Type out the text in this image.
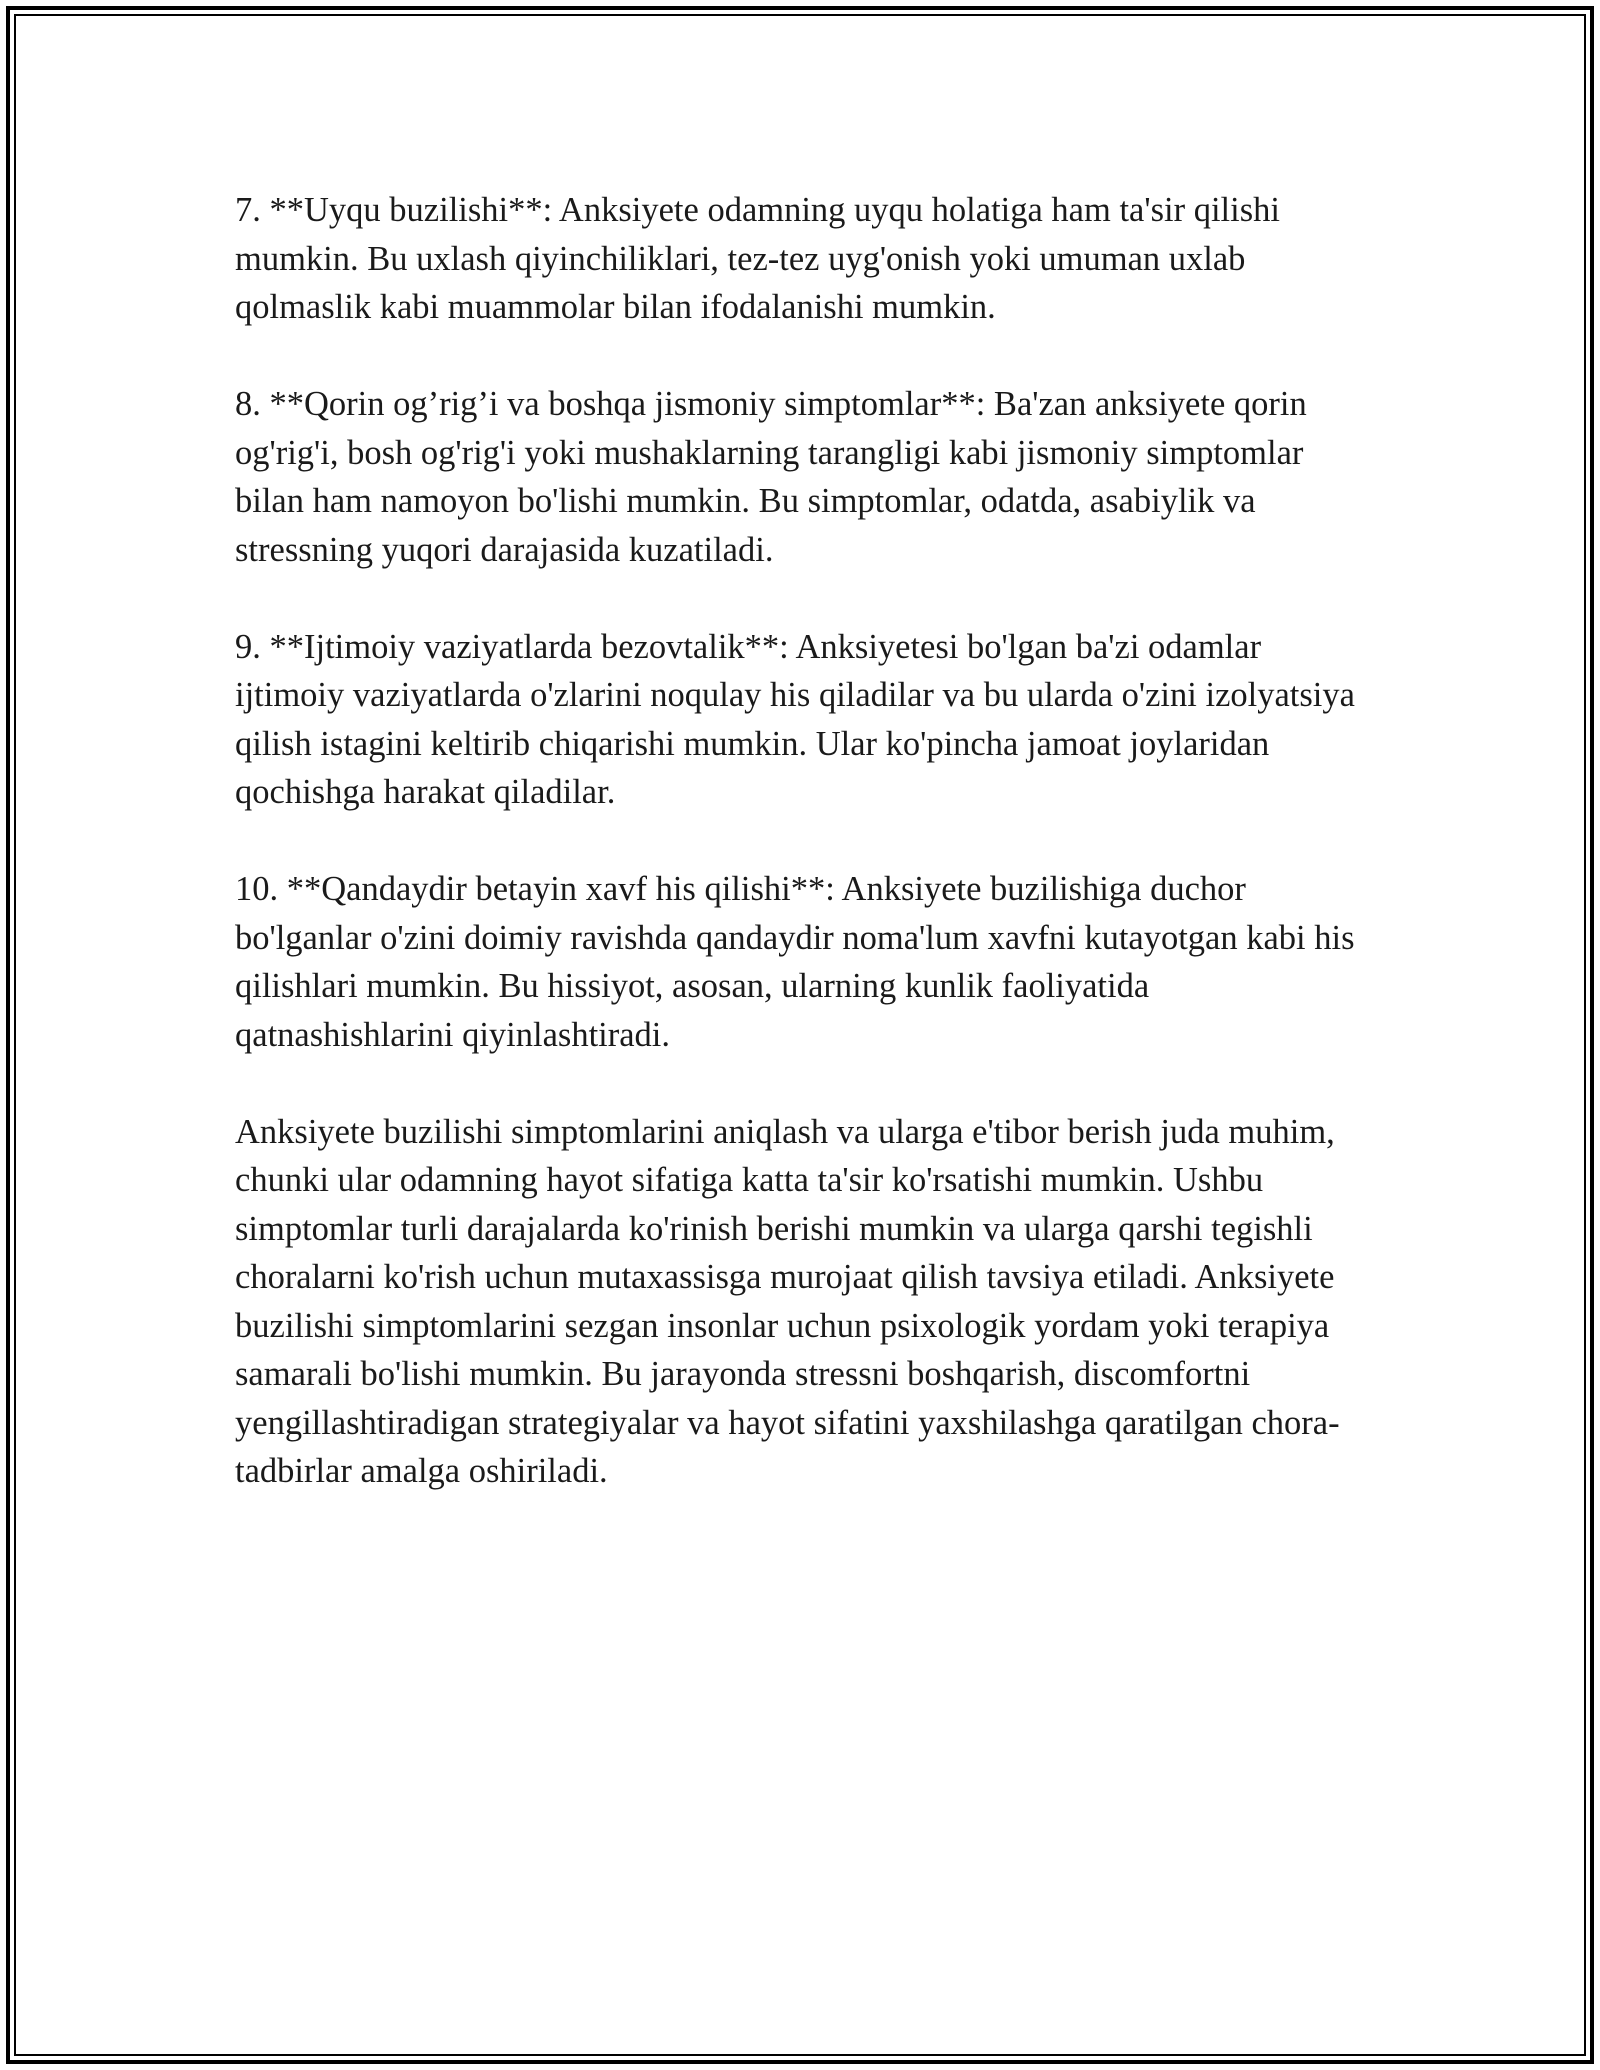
7. **Uyqu buzilishi**: Anksiyete odamning uyqu holatiga ham ta'sir qilishi mumkin. Bu uxlash qiyinchiliklari, tez-tez uyg'onish yoki umuman uxlab qolmaslik kabi muammolar bilan ifodalanishi mumkin.

8. **Qorin og’rig’i va boshqa jismoniy simptomlar**: Ba'zan anksiyete qorin og'rig'i, bosh og'rig'i yoki mushaklarning tarangligi kabi jismoniy simptomlar bilan ham namoyon bo'lishi mumkin. Bu simptomlar, odatda, asabiylik va stressning yuqori darajasida kuzatiladi.

9. **Ijtimoiy vaziyatlarda bezovtalik**: Anksiyetesi bo'lgan ba'zi odamlar ijtimoiy vaziyatlarda o'zlarini noqulay his qiladilar va bu ularda o'zini izolyatsiya qilish istagini keltirib chiqarishi mumkin. Ular ko'pincha jamoat joylaridan qochishga harakat qiladilar.

10. **Qandaydir betayin xavf his qilishi**: Anksiyete buzilishiga duchor bo'lganlar o'zini doimiy ravishda qandaydir noma'lum xavfni kutayotgan kabi his qilishlari mumkin. Bu hissiyot, asosan, ularning kunlik faoliyatida qatnashishlarini qiyinlashtiradi.

Anksiyete buzilishi simptomlarini aniqlash va ularga e'tibor berish juda muhim, chunki ular odamning hayot sifatiga katta ta'sir ko'rsatishi mumkin. Ushbu simptomlar turli darajalarda ko'rinish berishi mumkin va ularga qarshi tegishli choralarni ko'rish uchun mutaxassisga murojaat qilish tavsiya etiladi. Anksiyete buzilishi simptomlarini sezgan insonlar uchun psixologik yordam yoki terapiya samarali bo'lishi mumkin. Bu jarayonda stressni boshqarish, discomfortni yengillashtiradigan strategiyalar va hayot sifatini yaxshilashga qaratilgan chora-tadbirlar amalga oshiriladi.
